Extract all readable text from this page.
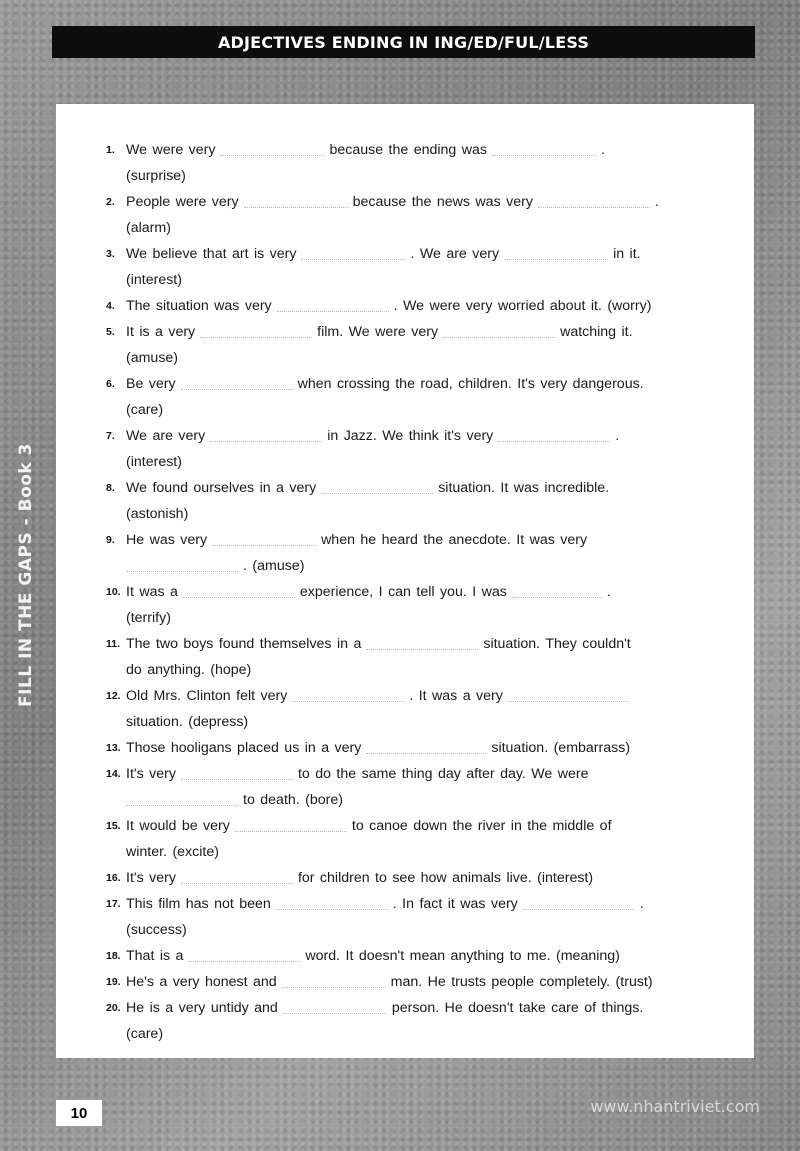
ADJECTIVES ENDING IN ING/ED/FUL/LESS
FILL IN THE GAPS - Book 3
1. We were very	because the ending was	.
(surprise)
2. People were very	because the news was very	.
(alarm)
3. We believe that art is very	. We are very	in it.
(interest)
4. The situation was very	. We were very worried about it. (worry)
5. It is a very	film. We were very	watching it.
(amuse)
6. Be very	when crossing the road, children. It's very dangerous.
(care)
7. We are very	in Jazz. We think it's very	.
(interest)
8. We found ourselves in a very	situation. It was incredible.
(astonish)
9. He was very	when he heard the anecdote. It was very
. (amuse)
10. It was a	experience, I can tell you. I was	.
(terrify)
11. The two boys found themselves in a	situation. They couldn't
do anything. (hope)
12. Old Mrs. Clinton felt very	. It was a very
situation. (depress)
13. Those hooligans placed us in a very	situation. (embarrass)
14. It's very	to do the same thing day after day. We were
to death. (bore)
15. It would be very	to canoe down the river in the middle of
winter. (excite)
16. It's very	for children to see how animals live. (interest)
17. This film has not been	. In fact it was very	.
(success)
18. That is a	word. It doesn't mean anything to me. (meaning)
19. He's a very honest and	man. He trusts people completely. (trust)
20. He is a very untidy and	person. He doesn't take care of things.
(care)
10	www.nhantriviet.com
